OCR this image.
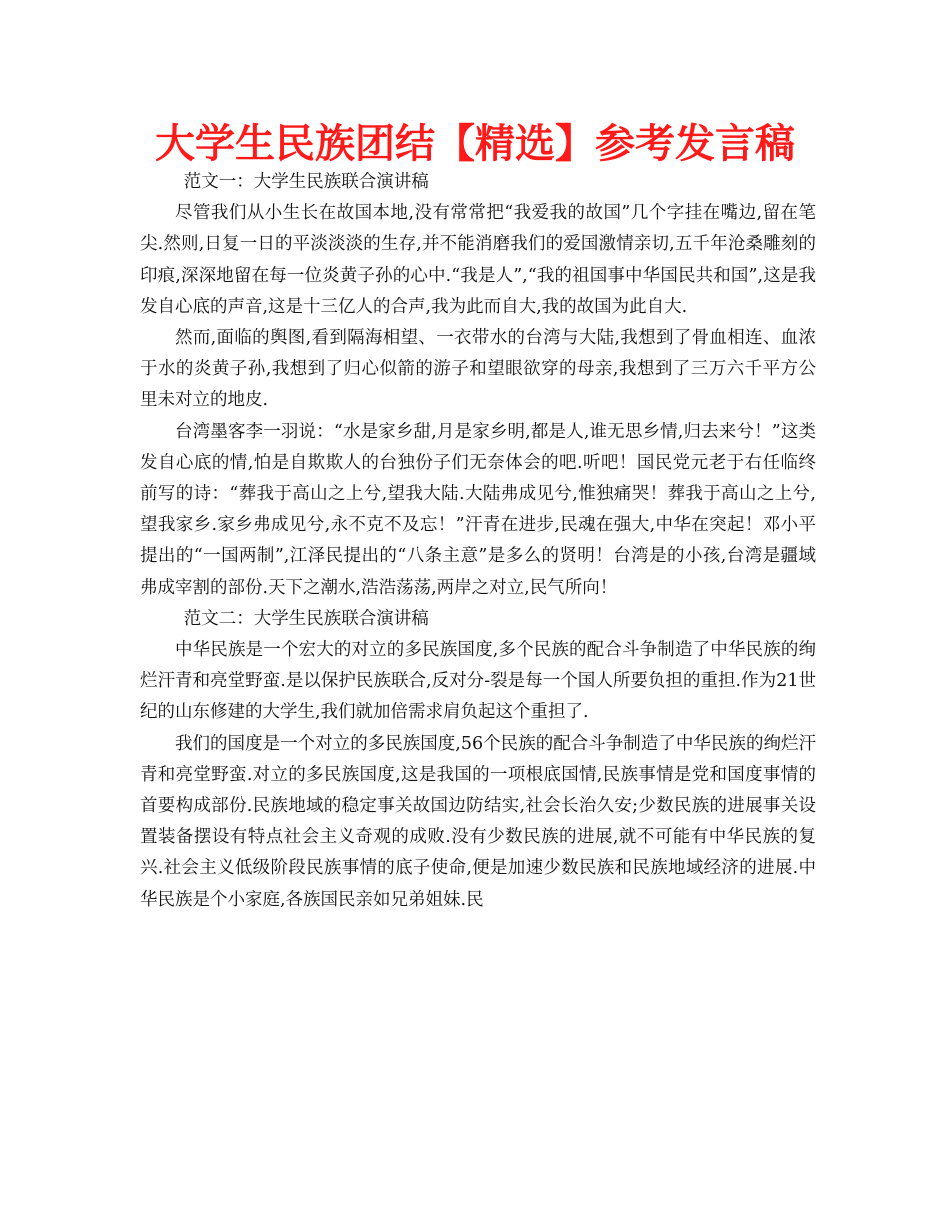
大学生民族团结【精选】参考发言稿

范文一：大学生民族联合演讲稿

尽管我们从小生长在故国本地,没有常常把“我爱我的故国”几个字挂在嘴边,留在笔尖.然则,日复一日的平淡淡淡的生存,并不能消磨我们的爱国激情亲切,五千年沧桑雕刻的印痕,深深地留在每一位炎黄子孙的心中.“我是人”,“我的祖国事中华国民共和国”,这是我发自心底的声音,这是十三亿人的合声,我为此而自大,我的故国为此自大.

然而,面临的舆图,看到隔海相望、一衣带水的台湾与大陆,我想到了骨血相连、血浓于水的炎黄子孙,我想到了归心似箭的游子和望眼欲穿的母亲,我想到了三万六千平方公里未对立的地皮.

台湾墨客李一羽说：“水是家乡甜,月是家乡明,都是人,谁无思乡情,归去来兮！”这类发自心底的情,怕是自欺欺人的台独份子们无奈体会的吧.听吧！国民党元老于右任临终前写的诗：“葬我于高山之上兮,望我大陆.大陆弗成见兮,惟独痛哭！葬我于高山之上兮,望我家乡.家乡弗成见兮,永不克不及忘！”汗青在进步,民魂在强大,中华在突起！邓小平提出的“一国两制”,江泽民提出的“八条主意”是多么的贤明！台湾是的小孩,台湾是疆域弗成宰割的部份.天下之潮水,浩浩荡荡,两岸之对立,民气所向！

范文二：大学生民族联合演讲稿

中华民族是一个宏大的对立的多民族国度,多个民族的配合斗争制造了中华民族的绚烂汗青和亮堂野蛮.是以保护民族联合,反对分-裂是每一个国人所要负担的重担.作为21世纪的山东修建的大学生,我们就加倍需求肩负起这个重担了.

我们的国度是一个对立的多民族国度,56个民族的配合斗争制造了中华民族的绚烂汗青和亮堂野蛮.对立的多民族国度,这是我国的一项根底国情,民族事情是党和国度事情的首要构成部份.民族地域的稳定事关故国边防结实,社会长治久安;少数民族的进展事关设置装备摆设有特点社会主义奇观的成败.没有少数民族的进展,就不可能有中华民族的复兴.社会主义低级阶段民族事情的底子使命,便是加速少数民族和民族地域经济的进展.中华民族是个小家庭,各族国民亲如兄弟姐妹.民
